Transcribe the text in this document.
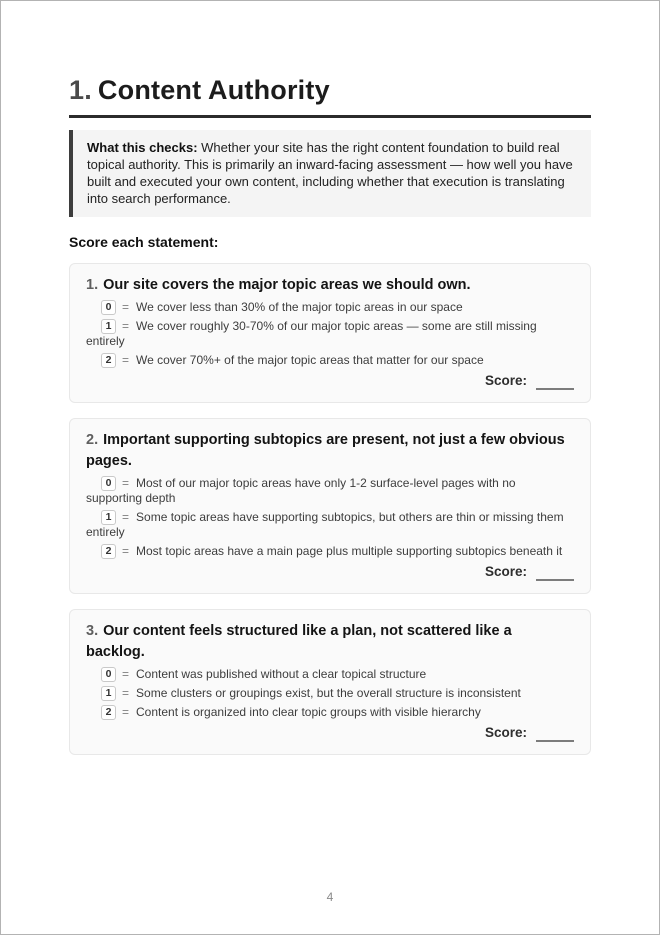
1. Content Authority
What this checks: Whether your site has the right content foundation to build real topical authority. This is primarily an inward-facing assessment — how well you have built and executed your own content, including whether that execution is translating into search performance.
Score each statement:
1. Our site covers the major topic areas we should own.
0 = We cover less than 30% of the major topic areas in our space
1 = We cover roughly 30-70% of our major topic areas — some are still missing entirely
2 = We cover 70%+ of the major topic areas that matter for our space
Score:
2. Important supporting subtopics are present, not just a few obvious pages.
0 = Most of our major topic areas have only 1-2 surface-level pages with no supporting depth
1 = Some topic areas have supporting subtopics, but others are thin or missing them entirely
2 = Most topic areas have a main page plus multiple supporting subtopics beneath it
Score:
3. Our content feels structured like a plan, not scattered like a backlog.
0 = Content was published without a clear topical structure
1 = Some clusters or groupings exist, but the overall structure is inconsistent
2 = Content is organized into clear topic groups with visible hierarchy
Score:
4
